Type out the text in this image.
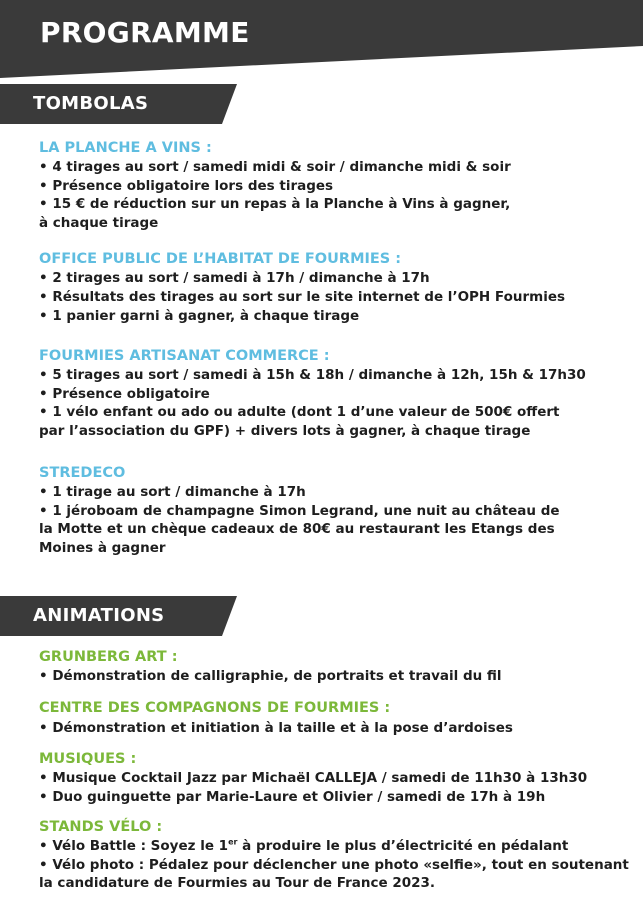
PROGRAMME
TOMBOLAS
LA PLANCHE A VINS :
• 4 tirages au sort / samedi midi & soir / dimanche midi & soir
• Présence obligatoire lors des tirages
• 15 € de réduction sur un repas à la Planche à Vins à gagner,
à chaque tirage
OFFICE PUBLIC DE L’HABITAT DE FOURMIES :
• 2 tirages au sort / samedi à 17h / dimanche à 17h
• Résultats des tirages au sort sur le site internet de l’OPH Fourmies
• 1 panier garni à gagner, à chaque tirage
FOURMIES ARTISANAT COMMERCE :
• 5 tirages au sort / samedi à 15h & 18h / dimanche à 12h, 15h & 17h30
• Présence obligatoire
• 1 vélo enfant ou ado ou adulte (dont 1 d’une valeur de 500€ offert
par l’association du GPF) + divers lots à gagner, à chaque tirage
STREDECO
• 1 tirage au sort / dimanche à 17h
• 1 jéroboam de champagne Simon Legrand, une nuit au château de
la Motte et un chèque cadeaux de 80€ au restaurant les Etangs des
Moines à gagner
ANIMATIONS
GRUNBERG ART :
• Démonstration de calligraphie, de portraits et travail du fil
CENTRE DES COMPAGNONS DE FOURMIES :
• Démonstration et initiation à la taille et à la pose d’ardoises
MUSIQUES :
• Musique Cocktail Jazz par Michaël CALLEJA / samedi de 11h30 à 13h30
• Duo guinguette par Marie-Laure et Olivier / samedi de 17h à 19h
STANDS VÉLO :
• Vélo Battle : Soyez le 1er à produire le plus d’électricité en pédalant
• Vélo photo : Pédalez pour déclencher une photo «selfie», tout en soutenant
la candidature de Fourmies au Tour de France 2023.
